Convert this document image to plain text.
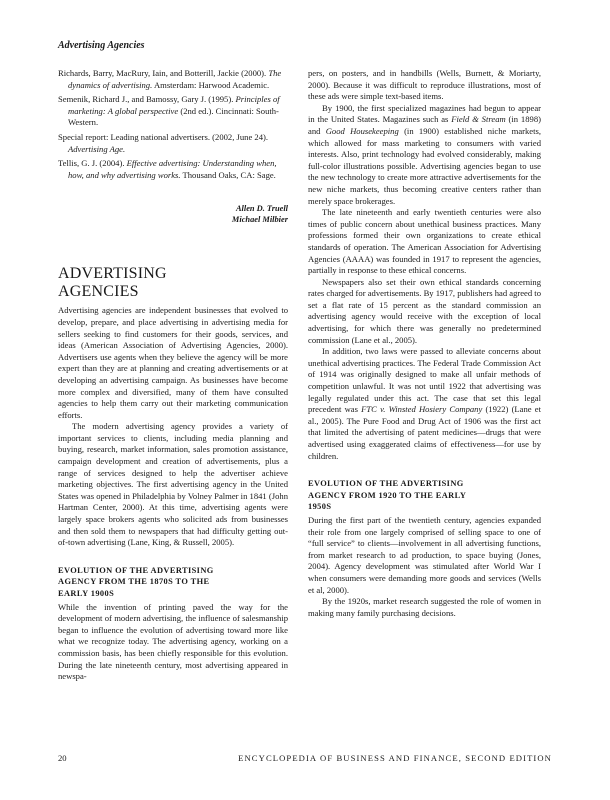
Advertising Agencies
Richards, Barry, MacRury, Iain, and Botterill, Jackie (2000). The dynamics of advertising. Amsterdam: Harwood Academic.
Semenik, Richard J., and Bamossy, Gary J. (1995). Principles of marketing: A global perspective (2nd ed.). Cincinnati: South-Western.
Special report: Leading national advertisers. (2002, June 24). Advertising Age.
Tellis, G. J. (2004). Effective advertising: Understanding when, how, and why advertising works. Thousand Oaks, CA: Sage.
Allen D. Truell
Michael Milbier
ADVERTISING
AGENCIES

Advertising agencies are independent businesses that evolved to develop, prepare, and place advertising in advertising media for sellers seeking to find customers for their goods, services, and ideas (American Association of Advertising Agencies, 2000). Advertisers use agents when they believe the agency will be more expert than they are at planning and creating advertisements or at developing an advertising campaign. As businesses have become more complex and diversified, many of them have consulted agencies to help them carry out their marketing communication efforts.

The modern advertising agency provides a variety of important services to clients, including media planning and buying, research, market information, sales promotion assistance, campaign development and creation of advertisements, plus a range of services designed to help the advertiser achieve marketing objectives. The first advertising agency in the United States was opened in Philadelphia by Volney Palmer in 1841 (John Hartman Center, 2000). At this time, advertising agents were largely space brokers agents who solicited ads from businesses and then sold them to newspapers that had difficulty getting out-of-town advertising (Lane, King, & Russell, 2005).

EVOLUTION OF THE ADVERTISING
AGENCY FROM THE 1870S TO THE
EARLY 1900S

While the invention of printing paved the way for the development of modern advertising, the influence of salesmanship began to influence the evolution of advertising toward more like what we recognize today. The advertising agency, working on a commission basis, has been chiefly responsible for this evolution. During the late nineteenth century, most advertising appeared in newspa-

pers, on posters, and in handbills (Wells, Burnett, & Moriarty, 2000). Because it was difficult to reproduce illustrations, most of these ads were simple text-based items.

By 1900, the first specialized magazines had begun to appear in the United States. Magazines such as Field & Stream (in 1898) and Good Housekeeping (in 1900) established niche markets, which allowed for mass marketing to consumers with varied interests. Also, print technology had evolved considerably, making full-color illustrations possible. Advertising agencies began to use the new technology to create more attractive advertisements for the new niche markets, thus becoming creative centers rather than merely space brokerages.

The late nineteenth and early twentieth centuries were also times of public concern about unethical business practices. Many professions formed their own organizations to create ethical standards of operation. The American Association for Advertising Agencies (AAAA) was founded in 1917 to represent the agencies, partially in response to these ethical concerns.

Newspapers also set their own ethical standards concerning rates charged for advertisements. By 1917, publishers had agreed to set a flat rate of 15 percent as the standard commission an advertising agency would receive with the exception of local advertising, for which there was generally no predetermined commission (Lane et al., 2005).

In addition, two laws were passed to alleviate concerns about unethical advertising practices. The Federal Trade Commission Act of 1914 was originally designed to make all unfair methods of competition unlawful. It was not until 1922 that advertising was legally regulated under this act. The case that set this legal precedent was FTC v. Winsted Hosiery Company (1922) (Lane et al., 2005). The Pure Food and Drug Act of 1906 was the first act that limited the advertising of patent medicines—drugs that were advertised using exaggerated claims of effectiveness—for use by children.

EVOLUTION OF THE ADVERTISING
AGENCY FROM 1920 TO THE EARLY
1950S

During the first part of the twentieth century, agencies expanded their role from one largely comprised of selling space to one of “full service” to clients—involvement in all advertising functions, from market research to ad production, to space buying (Jones, 2004). Agency development was stimulated after World War I when consumers were demanding more goods and services (Wells et al, 2000).

By the 1920s, market research suggested the role of women in making many family purchasing decisions.

20	ENCYCLOPEDIA OF BUSINESS AND FINANCE, SECOND EDITION
